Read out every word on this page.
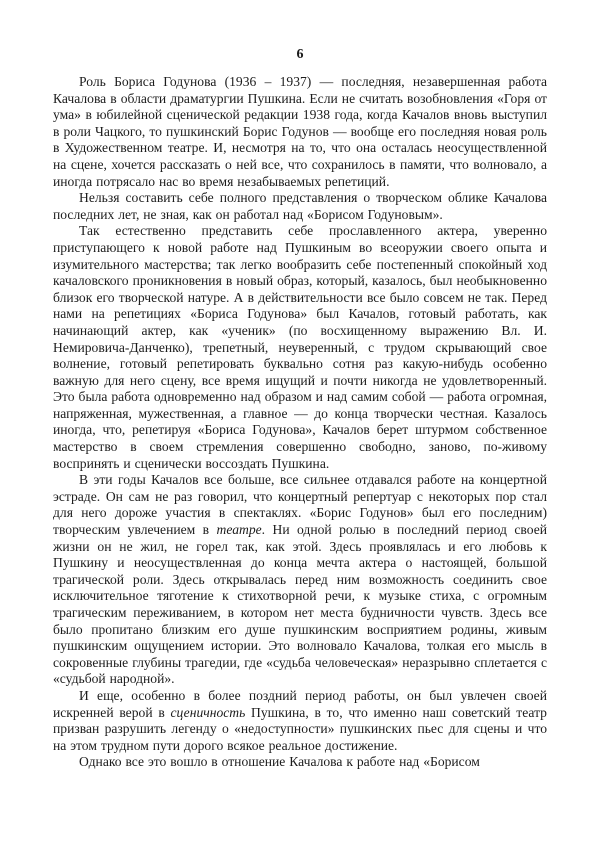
6

Роль Бориса Годунова (1936 – 1937) — последняя, незавершенная работа Качалова в области драматургии Пушкина. Если не считать возобновления «Горя от ума» в юбилейной сценической редакции 1938 года, когда Качалов вновь выступил в роли Чацкого, то пушкинский Борис Годунов — вообще его последняя новая роль в Художественном театре. И, несмотря на то, что она осталась неосуществленной на сцене, хочется рассказать о ней все, что сохранилось в памяти, что волновало, а иногда потрясало нас во время незабываемых репетиций.

Нельзя составить себе полного представления о творческом облике Качалова последних лет, не зная, как он работал над «Борисом Годуновым».

Так естественно представить себе прославленного актера, уверенно приступающего к новой работе над Пушкиным во всеоружии своего опыта и изумительного мастерства; так легко вообразить себе постепенный спокойный ход качаловского проникновения в новый образ, который, казалось, был необыкновенно близок его творческой натуре. А в действительности все было совсем не так. Перед нами на репетициях «Бориса Годунова» был Качалов, готовый работать, как начинающий актер, как «ученик» (по восхищенному выражению Вл. И. Немировича-Данченко), трепетный, неуверенный, с трудом скрывающий свое волнение, готовый репетировать буквально сотня раз какую-нибудь особенно важную для него сцену, все время ищущий и почти никогда не удовлетворенный. Это была работа одновременно над образом и над самим собой — работа огромная, напряженная, мужественная, а главное — до конца творчески честная. Казалось иногда, что, репетируя «Бориса Годунова», Качалов берет штурмом собственное мастерство в своем стремления совершенно свободно, заново, по-живому воспринять и сценически воссоздать Пушкина.

В эти годы Качалов все больше, все сильнее отдавался работе на концертной эстраде. Он сам не раз говорил, что концертный репертуар с некоторых пор стал для него дороже участия в спектаклях. «Борис Годунов» был его последним) творческим увлечением в театре. Ни одной ролью в последний период своей жизни он не жил, не горел так, как этой. Здесь проявлялась и его любовь к Пушкину и неосуществленная до конца мечта актера о настоящей, большой трагической роли. Здесь открывалась перед ним возможность соединить свое исключительное тяготение к стихотворной речи, к музыке стиха, с огромным трагическим переживанием, в котором нет места будничности чувств. Здесь все было пропитано близким его душе пушкинским восприятием родины, живым пушкинским ощущением истории. Это волновало Качалова, толкая его мысль в сокровенные глубины трагедии, где «судьба человеческая» неразрывно сплетается с «судьбой народной».

И еще, особенно в более поздний период работы, он был увлечен своей искренней верой в сценичность Пушкина, в то, что именно наш советский театр призван разрушить легенду о «недоступности» пушкинских пьес для сцены и что на этом трудном пути дорого всякое реальное достижение.

Однако все это вошло в отношение Качалова к работе над «Борисом
